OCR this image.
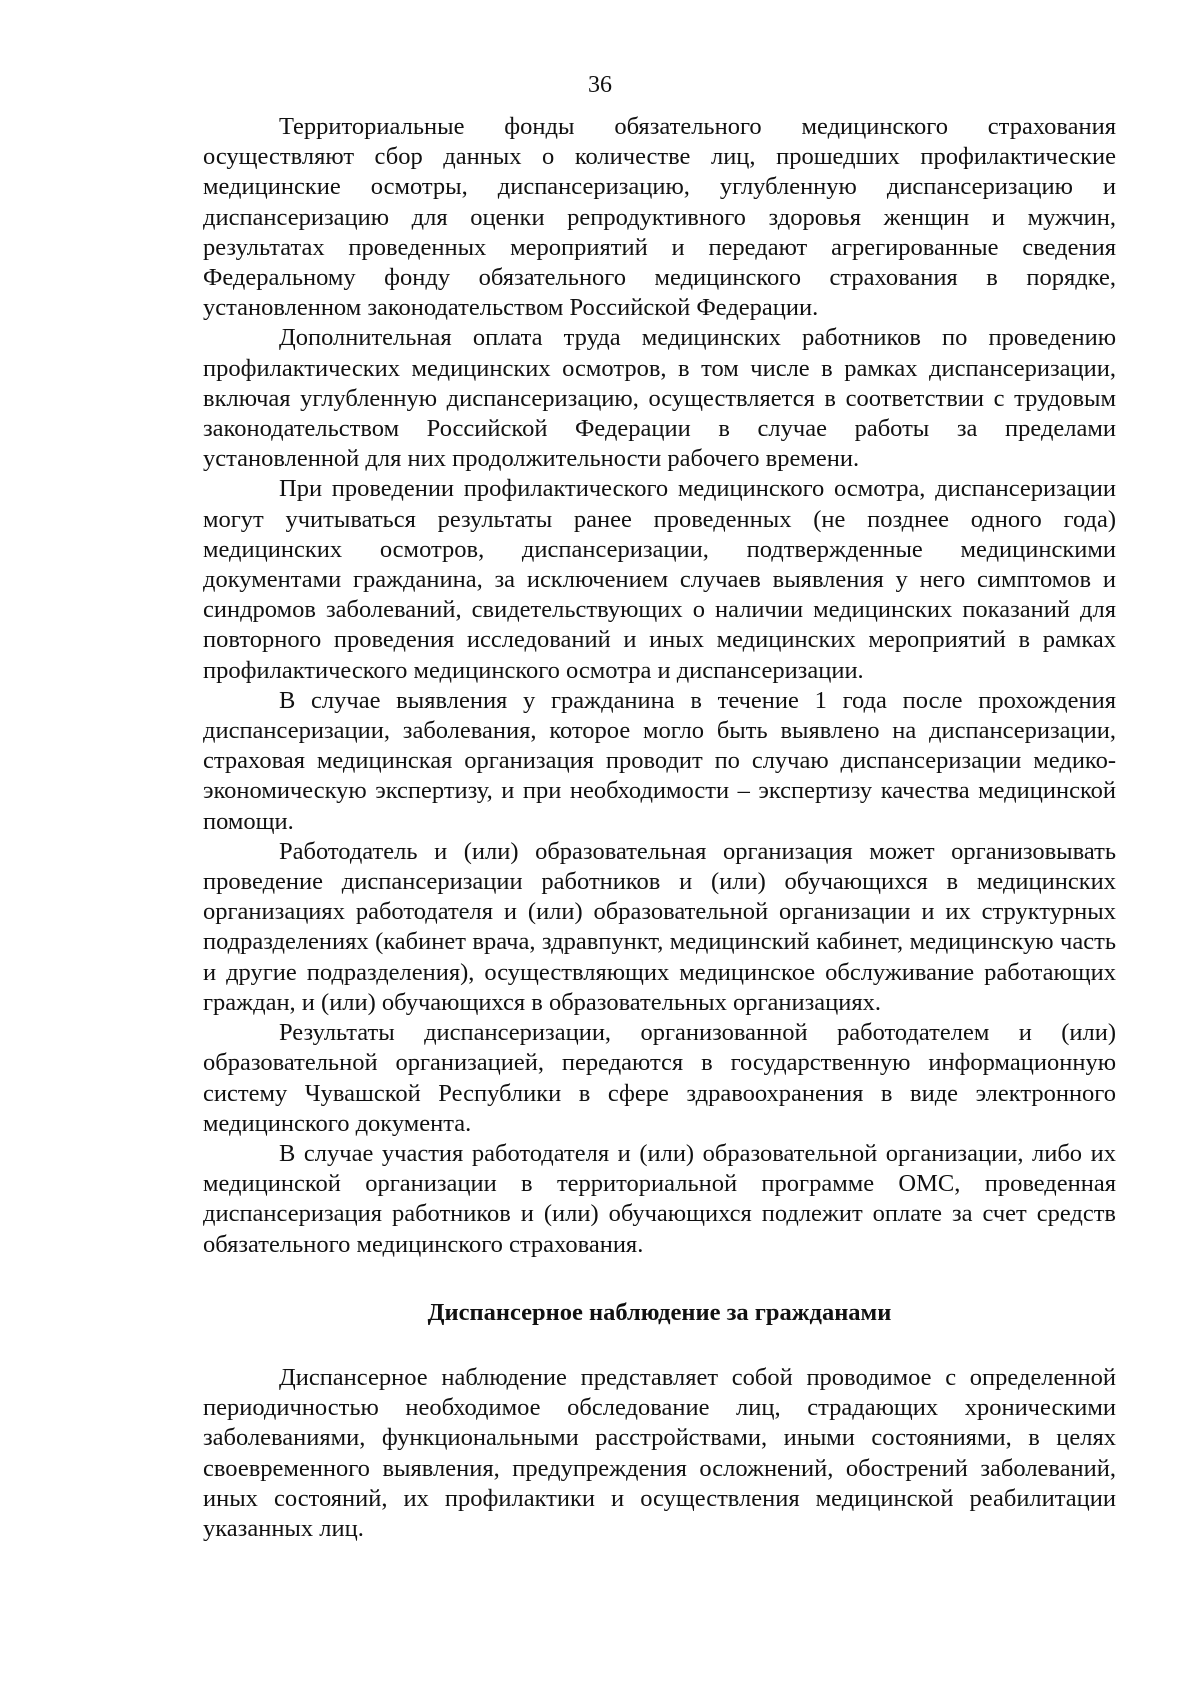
36

Территориальные фонды обязательного медицинского страхования осуществляют сбор данных о количестве лиц, прошедших профилактические медицинские осмотры, диспансеризацию, углубленную диспансеризацию и диспансеризацию для оценки репродуктивного здоровья женщин и мужчин, результатах проведенных мероприятий и передают агрегированные сведения Федеральному фонду обязательного медицинского страхования в порядке, установленном законодательством Российской Федерации.

Дополнительная оплата труда медицинских работников по проведению профилактических медицинских осмотров, в том числе в рамках диспансеризации, включая углубленную диспансеризацию, осуществляется в соответствии с трудовым законодательством Российской Федерации в случае работы за пределами установленной для них продолжительности рабочего времени.

При проведении профилактического медицинского осмотра, диспансеризации могут учитываться результаты ранее проведенных (не позднее одного года) медицинских осмотров, диспансеризации, подтвержденные медицинскими документами гражданина, за исключением случаев выявления у него симптомов и синдромов заболеваний, свидетельствующих о наличии медицинских показаний для повторного проведения исследований и иных медицинских мероприятий в рамках профилактического медицинского осмотра и диспансеризации.

В случае выявления у гражданина в течение 1 года после прохождения диспансеризации, заболевания, которое могло быть выявлено на диспансеризации, страховая медицинская организация проводит по случаю диспансеризации медико-экономическую экспертизу, и при необходимости – экспертизу качества медицинской помощи.

Работодатель и (или) образовательная организация может организовывать проведение диспансеризации работников и (или) обучающихся в медицинских организациях работодателя и (или) образовательной организации и их структурных подразделениях (кабинет врача, здравпункт, медицинский кабинет, медицинскую часть и другие подразделения), осуществляющих медицинское обслуживание работающих граждан, и (или) обучающихся в образовательных организациях.

Результаты диспансеризации, организованной работодателем и (или) образовательной организацией, передаются в государственную информационную систему Чувашской Республики в сфере здравоохранения в виде электронного медицинского документа.

В случае участия работодателя и (или) образовательной организации, либо их медицинской организации в территориальной программе ОМС, проведенная диспансеризация работников и (или) обучающихся подлежит оплате за счет средств обязательного медицинского страхования.

Диспансерное наблюдение за гражданами

Диспансерное наблюдение представляет собой проводимое с определенной периодичностью необходимое обследование лиц, страдающих хроническими заболеваниями, функциональными расстройствами, иными состояниями, в целях своевременного выявления, предупреждения осложнений, обострений заболеваний, иных состояний, их профилактики и осуществления медицинской реабилитации указанных лиц.
